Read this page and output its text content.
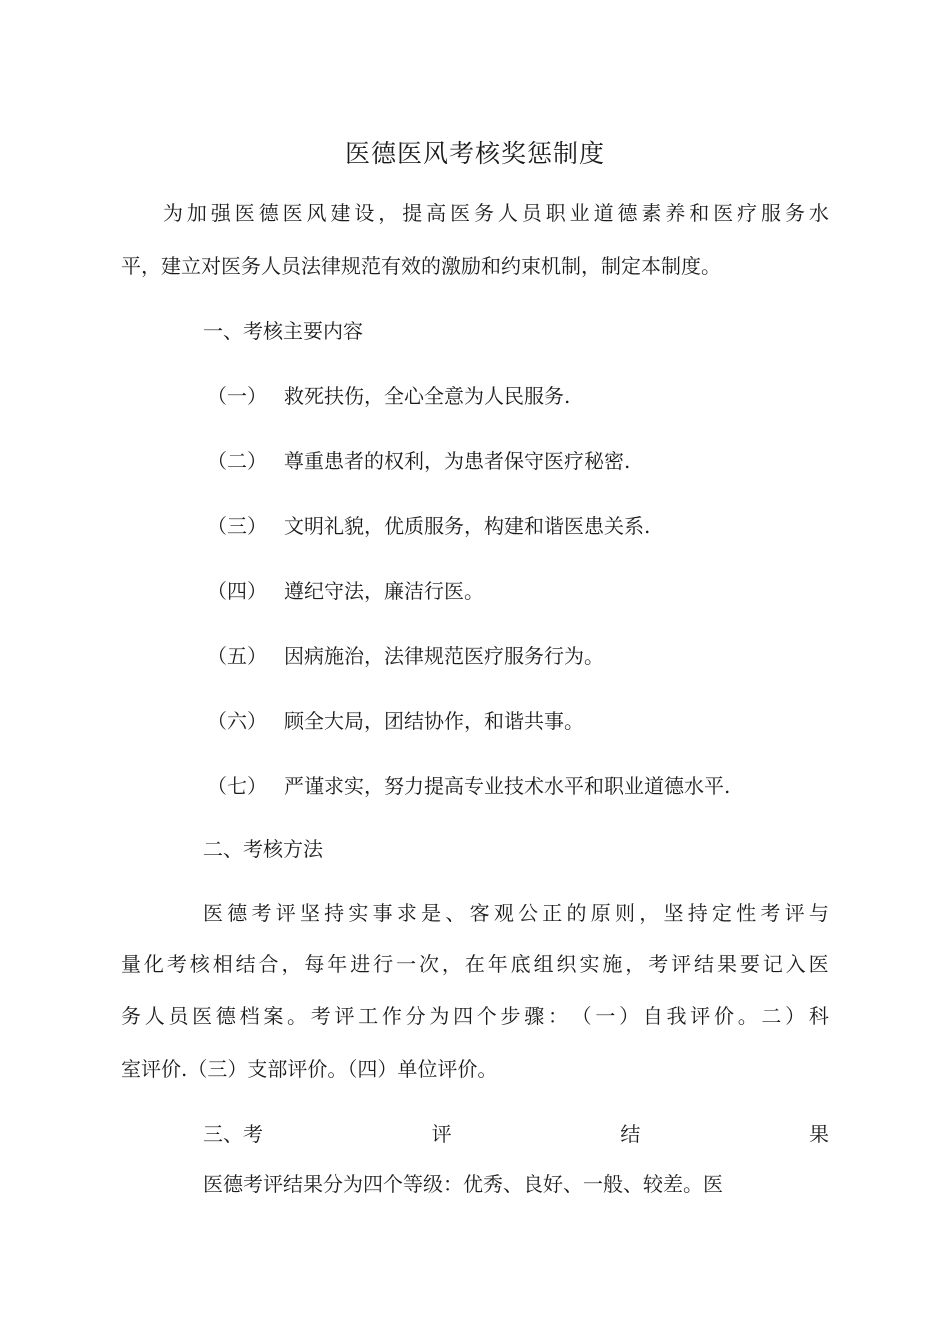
医德医风考核奖惩制度
为 加 强 医 德 医 风 建 设 ， 提 高 医 务 人 员 职 业 道 德 素 养 和 医 疗 服 务 水
平，建立对医务人员法律规范有效的激励和约束机制，制定本制度。
一、考核主要内容
（一） 救死扶伤，全心全意为人民服务.
（二） 尊重患者的权利，为患者保守医疗秘密.
（三） 文明礼貌，优质服务，构建和谐医患关系.
（四） 遵纪守法，廉洁行医。
（五） 因病施治，法律规范医疗服务行为。
（六） 顾全大局，团结协作，和谐共事。
（七） 严谨求实，努力提高专业技术水平和职业道德水平.
二、考核方法
医 德 考 评 坚 持 实 事 求 是 、 客 观 公 正 的 原 则 ， 坚 持 定 性 考 评 与
量 化 考 核 相 结 合 ， 每 年 进 行 一 次 ， 在 年 底 组 织 实 施 ， 考 评 结 果 要 记 入 医
务 人 员 医 德 档 案 。 考 评 工 作 分 为 四 个 步 骤 ： （ 一 ） 自 我 评 价 。 二 ） 科
室评价.（三）支部评价。（四）单位评价。
三、考	评	结	果
医德考评结果分为四个等级：优秀、良好、一般、较差。医
